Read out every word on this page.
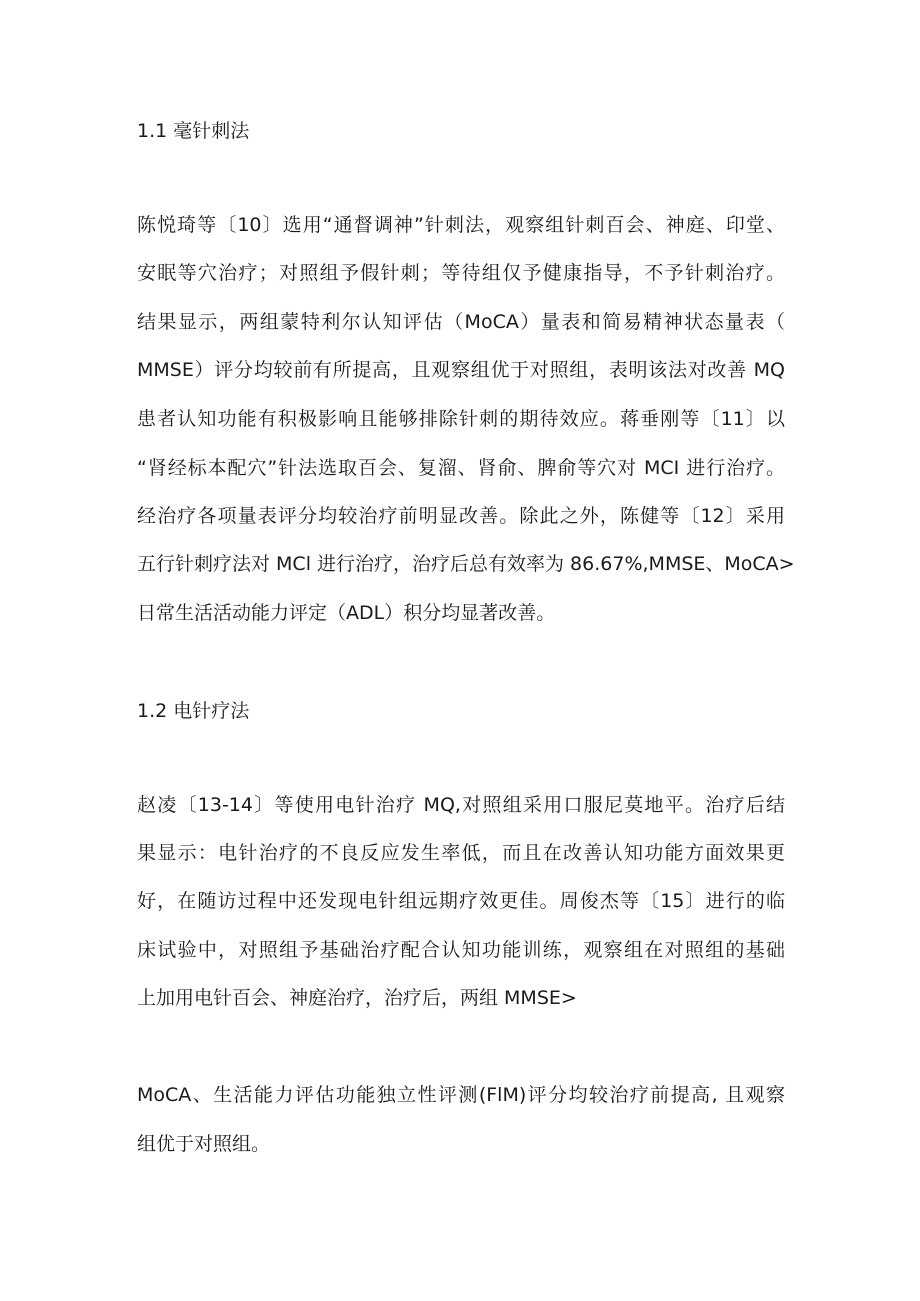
1.1 毫针刺法
陈悦琦等〔10〕选用“通督调神”针刺法，观察组针刺百会、神庭、印堂、
安眠等穴治疗；对照组予假针刺；等待组仅予健康指导，不予针刺治疗。
结果显示，两组蒙特利尔认知评估（MoCA）量表和简易精神状态量表（
MMSE）评分均较前有所提高，且观察组优于对照组，表明该法对改善 MQ
患者认知功能有积极影响且能够排除针刺的期待效应。蒋垂刚等〔11〕以
“肾经标本配穴”针法选取百会、复溜、肾俞、脾俞等穴对 MCI 进行治疗。
经治疗各项量表评分均较治疗前明显改善。除此之外，陈健等〔12〕采用
五行针刺疗法对 MCl 进行治疗，治疗后总有效率为 86.67%,MMSE、MoCA>
日常生活活动能力评定（ADL）积分均显著改善。
1.2 电针疗法
赵凌〔13-14〕等使用电针治疗 MQ,对照组采用口服尼莫地平。治疗后结
果显示：电针治疗的不良反应发生率低，而且在改善认知功能方面效果更
好，在随访过程中还发现电针组远期疗效更佳。周俊杰等〔15〕进行的临
床试验中，对照组予基础治疗配合认知功能训练，观察组在对照组的基础
上加用电针百会、神庭治疗，治疗后，两组 MMSE>
MoCA、生活能力评估功能独立性评测(FlM)评分均较治疗前提高, 且观察
组优于对照组。
